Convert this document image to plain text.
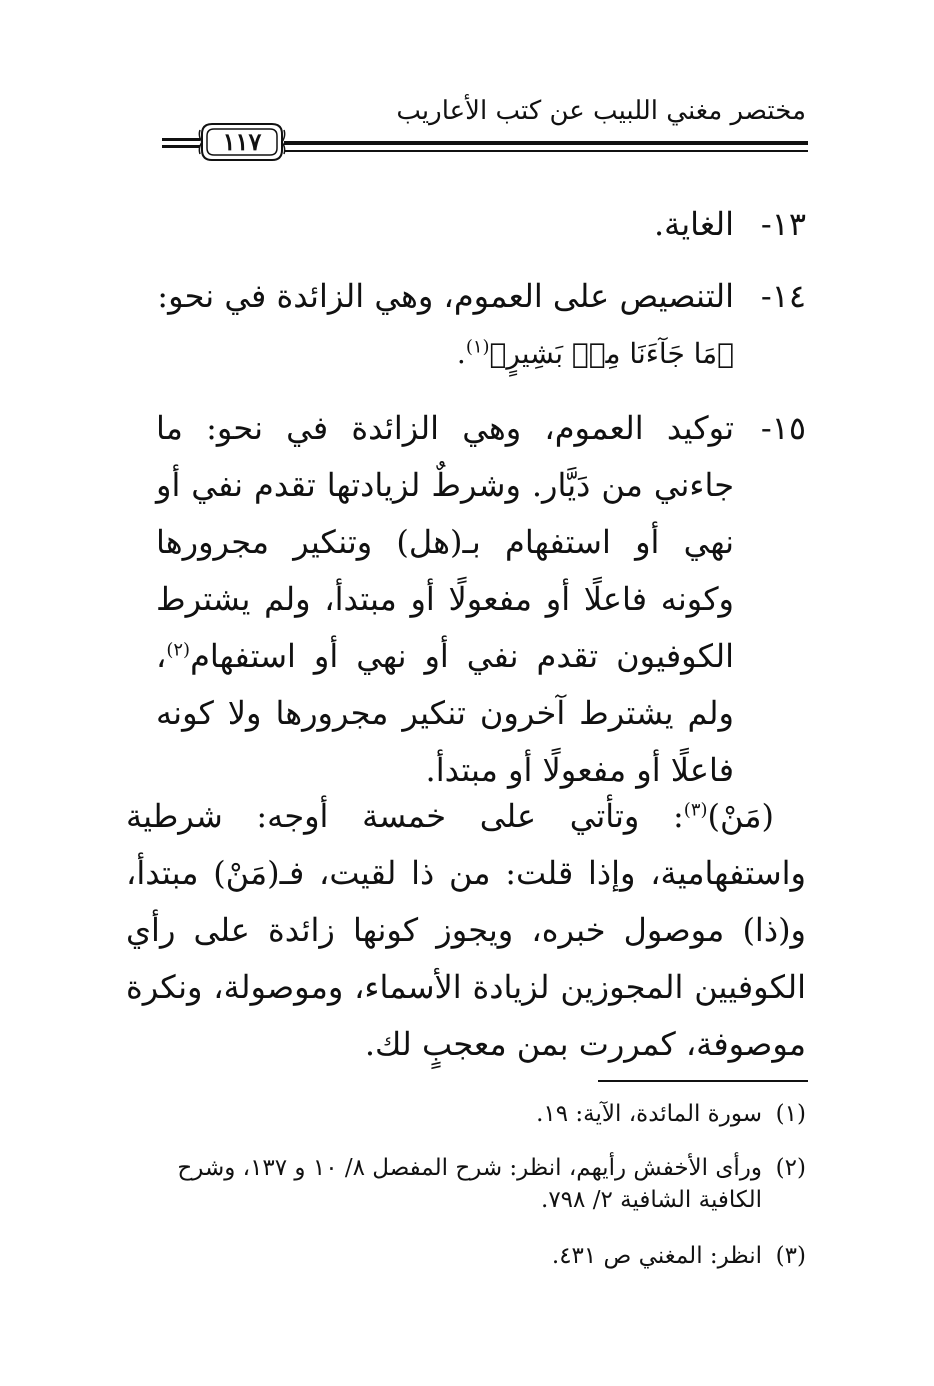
مختصر مغني اللبيب عن كتب الأعاريب
١١٧
١٣-
الغاية.
١٤-
التنصيص على العموم، وهي الزائدة في نحو:
﴿مَا جَآءَنَا مِنۢ بَشِيرٍ﴾$^{(١)}$.
١٥-
توكيد العموم، وهي الزائدة في نحو: ما جاءني من دَيَّار. وشرطٌ لزيادتها تقدم نفي أو نهي أو استفهام بـ(هل) وتنكير مجرورها وكونه فاعلًا أو مفعولًا أو مبتدأ، ولم يشترط الكوفيون تقدم نفي أو نهي أو استفهام$^{(٢)}$، ولم يشترط آخرون تنكير مجرورها ولا كونه فاعلًا أو مفعولًا أو مبتدأ.
(مَنْ)$^{(٣)}$: وتأتي على خمسة أوجه: شرطية واستفهامية، وإذا قلت: من ذا لقيت، فـ(مَنْ) مبتدأ، و(ذا) موصول خبره، ويجوز كونها زائدة على رأي الكوفيين المجوزين لزيادة الأسماء، وموصولة، ونكرة موصوفة، كمررت بمن معجبٍ لك.
(١)
سورة المائدة، الآية: ١٩.
(٢)
ورأى الأخفش رأيهم، انظر: شرح المفصل ٨/ ١٠ و ١٣٧، وشرح الكافية الشافية ٢/ ٧٩٨.
(٣)
انظر: المغني ص ٤٣١.
